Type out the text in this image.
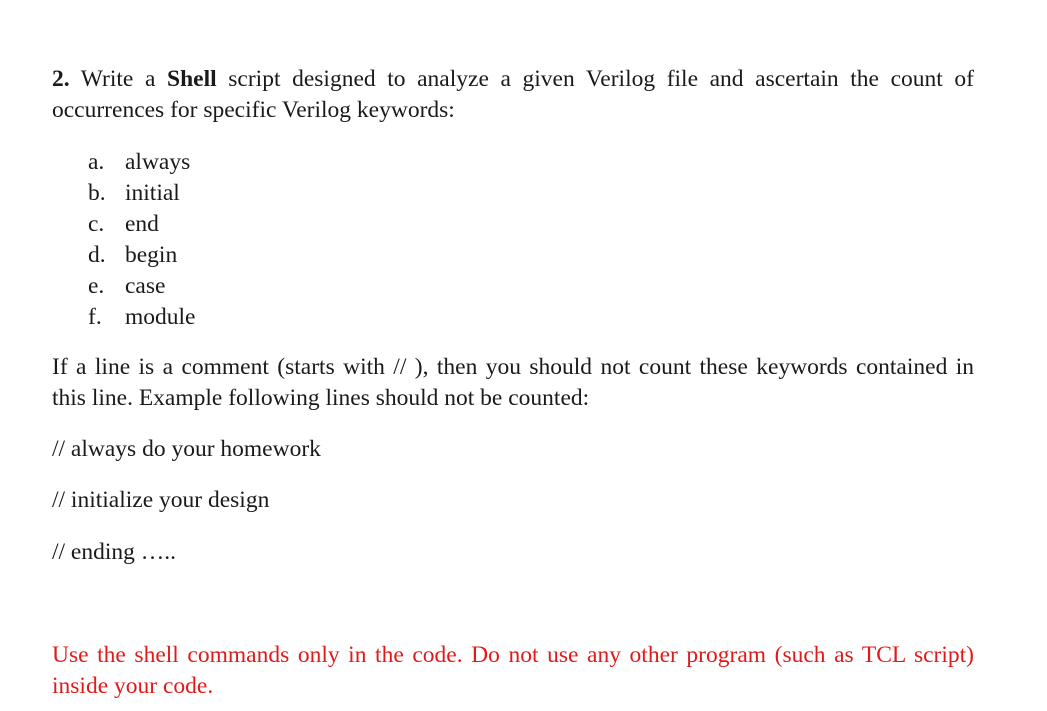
2. Write a Shell script designed to analyze a given Verilog file and ascertain the count of
occurrences for specific Verilog keywords:
a. always
b. initial
c. end
d. begin
e. case
f. module
If a line is a comment (starts with // ), then you should not count these keywords contained in
this line. Example following lines should not be counted:
// always do your homework
// initialize your design
// ending …..
Use the shell commands only in the code. Do not use any other program (such as TCL script)
inside your code.
